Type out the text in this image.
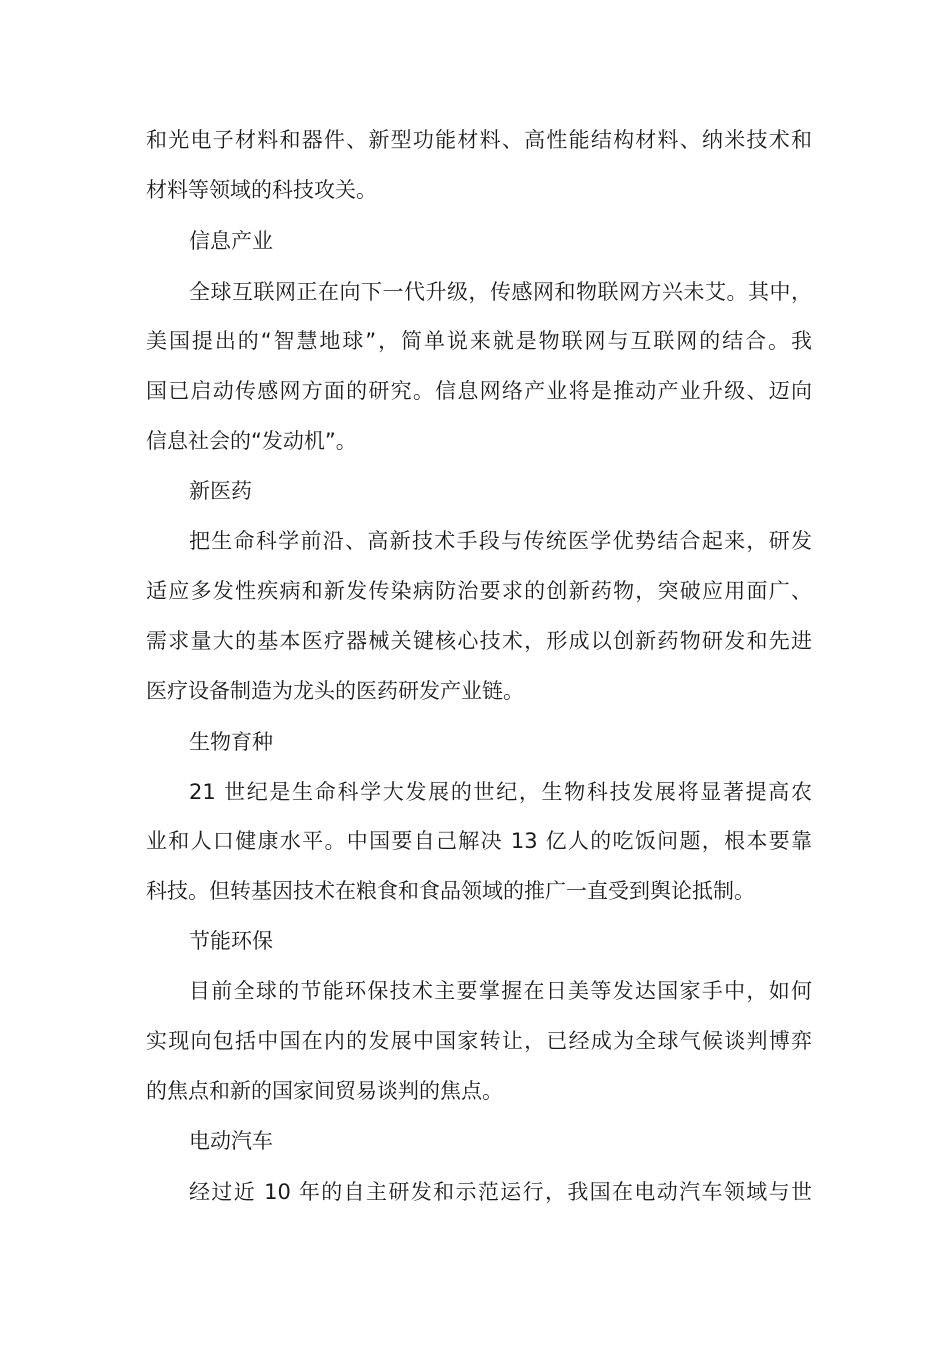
和光电子材料和器件、新型功能材料、高性能结构材料、纳米技术和
材料等领域的科技攻关。
信息产业
全球互联网正在向下一代升级，传感网和物联网方兴未艾。其中，
美国提出的“智慧地球”，简单说来就是物联网与互联网的结合。我
国已启动传感网方面的研究。信息网络产业将是推动产业升级、迈向
信息社会的“发动机”。
新医药
把生命科学前沿、高新技术手段与传统医学优势结合起来，研发
适应多发性疾病和新发传染病防治要求的创新药物，突破应用面广、
需求量大的基本医疗器械关键核心技术，形成以创新药物研发和先进
医疗设备制造为龙头的医药研发产业链。
生物育种
21 世纪是生命科学大发展的世纪，生物科技发展将显著提高农
业和人口健康水平。中国要自己解决 13 亿人的吃饭问题，根本要靠
科技。但转基因技术在粮食和食品领域的推广一直受到舆论抵制。
节能环保
目前全球的节能环保技术主要掌握在日美等发达国家手中，如何
实现向包括中国在内的发展中国家转让，已经成为全球气候谈判博弈
的焦点和新的国家间贸易谈判的焦点。
电动汽车
经过近 10 年的自主研发和示范运行，我国在电动汽车领域与世
